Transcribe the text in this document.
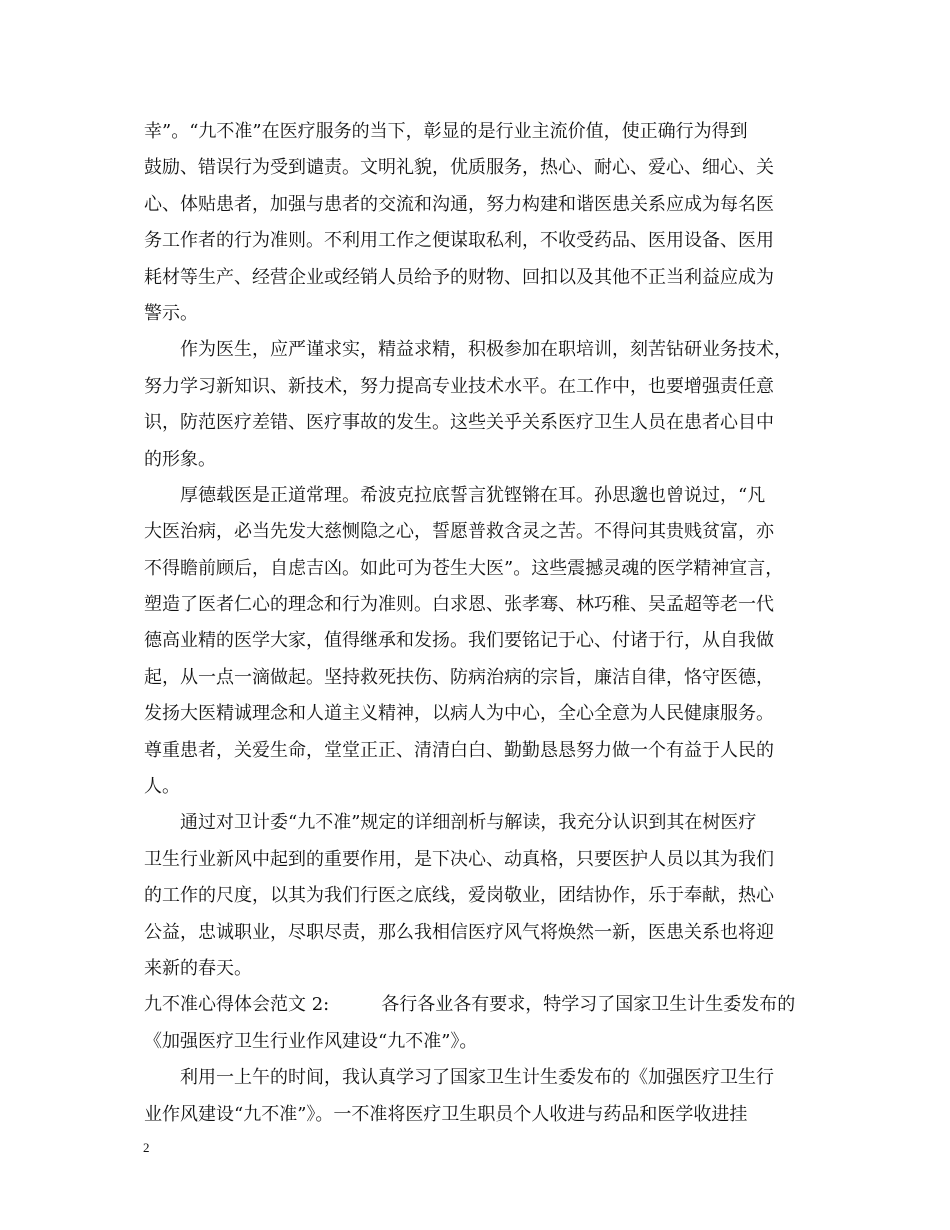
幸”。“九不准”在医疗服务的当下，彰显的是行业主流价值，使正确行为得到
鼓励、错误行为受到谴责。文明礼貌，优质服务，热心、耐心、爱心、细心、关
心、体贴患者，加强与患者的交流和沟通，努力构建和谐医患关系应成为每名医
务工作者的行为准则。不利用工作之便谋取私利，不收受药品、医用设备、医用
耗材等生产、经营企业或经销人员给予的财物、回扣以及其他不正当利益应成为
警示。
作为医生，应严谨求实，精益求精，积极参加在职培训，刻苦钻研业务技术，
努力学习新知识、新技术，努力提高专业技术水平。在工作中，也要增强责任意
识，防范医疗差错、医疗事故的发生。这些关乎关系医疗卫生人员在患者心目中
的形象。
厚德载医是正道常理。希波克拉底誓言犹铿锵在耳。孙思邈也曾说过，“凡
大医治病，必当先发大慈恻隐之心，誓愿普救含灵之苦。不得问其贵贱贫富，亦
不得瞻前顾后，自虑吉凶。如此可为苍生大医”。这些震撼灵魂的医学精神宣言，
塑造了医者仁心的理念和行为准则。白求恩、张孝骞、林巧稚、吴孟超等老一代
德高业精的医学大家，值得继承和发扬。我们要铭记于心、付诸于行，从自我做
起，从一点一滴做起。坚持救死扶伤、防病治病的宗旨，廉洁自律，恪守医德，
发扬大医精诚理念和人道主义精神，以病人为中心，全心全意为人民健康服务。
尊重患者，关爱生命，堂堂正正、清清白白、勤勤恳恳努力做一个有益于人民的
人。
通过对卫计委“九不准”规定的详细剖析与解读，我充分认识到其在树医疗
卫生行业新风中起到的重要作用，是下决心、动真格，只要医护人员以其为我们
的工作的尺度，以其为我们行医之底线，爱岗敬业，团结协作，乐于奉献，热心
公益，忠诚职业，尽职尽责，那么我相信医疗风气将焕然一新，医患关系也将迎
来新的春天。
九不准心得体会范文 2:	各行各业各有要求，特学习了国家卫生计生委发布的
《加强医疗卫生行业作风建设“九不准”》。
利用一上午的时间，我认真学习了国家卫生计生委发布的《加强医疗卫生行
业作风建设“九不准”》。一不准将医疗卫生职员个人收进与药品和医学收进挂
2
